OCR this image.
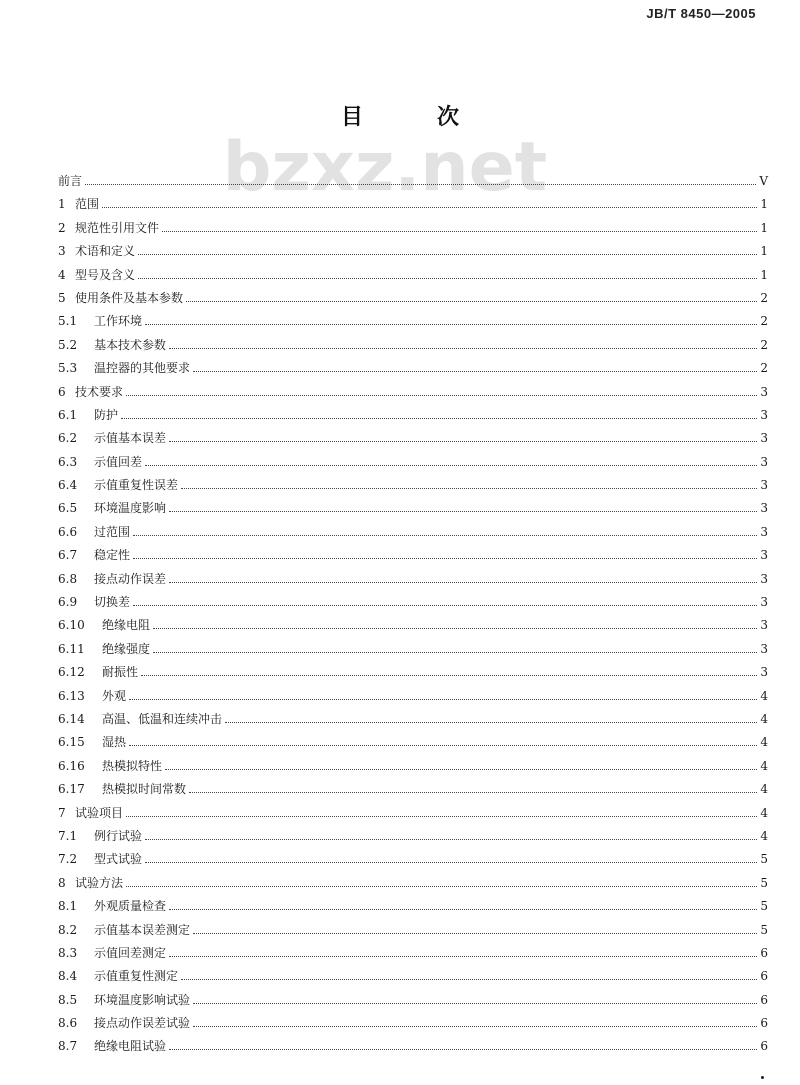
JB/T 8450—2005
bzxz.net
目　次
前言	V
1 范围	1
2 规范性引用文件	1
3 术语和定义	1
4 型号及含义	1
5 使用条件及基本参数	2
5.1	工作环境	2
5.2	基本技术参数	2
5.3	温控器的其他要求	2
6 技术要求	3
6.1	防护	3
6.2	示值基本误差	3
6.3	示值回差	3
6.4	示值重复性误差	3
6.5	环境温度影响	3
6.6	过范围	3
6.7	稳定性	3
6.8	接点动作误差	3
6.9	切换差	3
6.10	绝缘电阻	3
6.11	绝缘强度	3
6.12	耐振性	3
6.13	外观	4
6.14	高温、低温和连续冲击	4
6.15	湿热	4
6.16	热模拟特性	4
6.17	热模拟时间常数	4
7 试验项目	4
7.1	例行试验	4
7.2	型式试验	5
8 试验方法	5
8.1	外观质量检查	5
8.2	示值基本误差测定	5
8.3	示值回差测定	6
8.4	示值重复性测定	6
8.5	环境温度影响试验	6
8.6	接点动作误差试验	6
8.7	绝缘电阻试验	6
